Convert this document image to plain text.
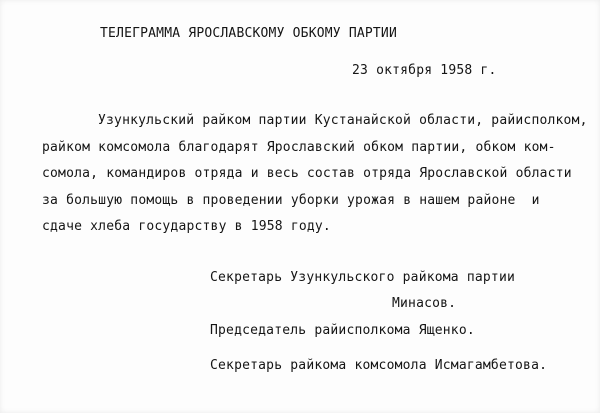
ТЕЛЕГРАММА ЯРОСЛАВСКОМУ ОБКОМУ ПАРТИИ
23 октября 1958 г.
Узункульский райком партии Кустанайской области, райисполком,
райком комсомола благодарят Ярославский обком партии, обком ком-
сомола, командиров отряда и весь состав отряда Ярославской области
за большую помощь в проведении уборки урожая в нашем районе  и
сдаче хлеба государству в 1958 году.
Секретарь Узункульского райкома партии
Минасов.
Председатель райисполкома Ященко.
Секретарь райкома комсомола Исмагамбетова.
